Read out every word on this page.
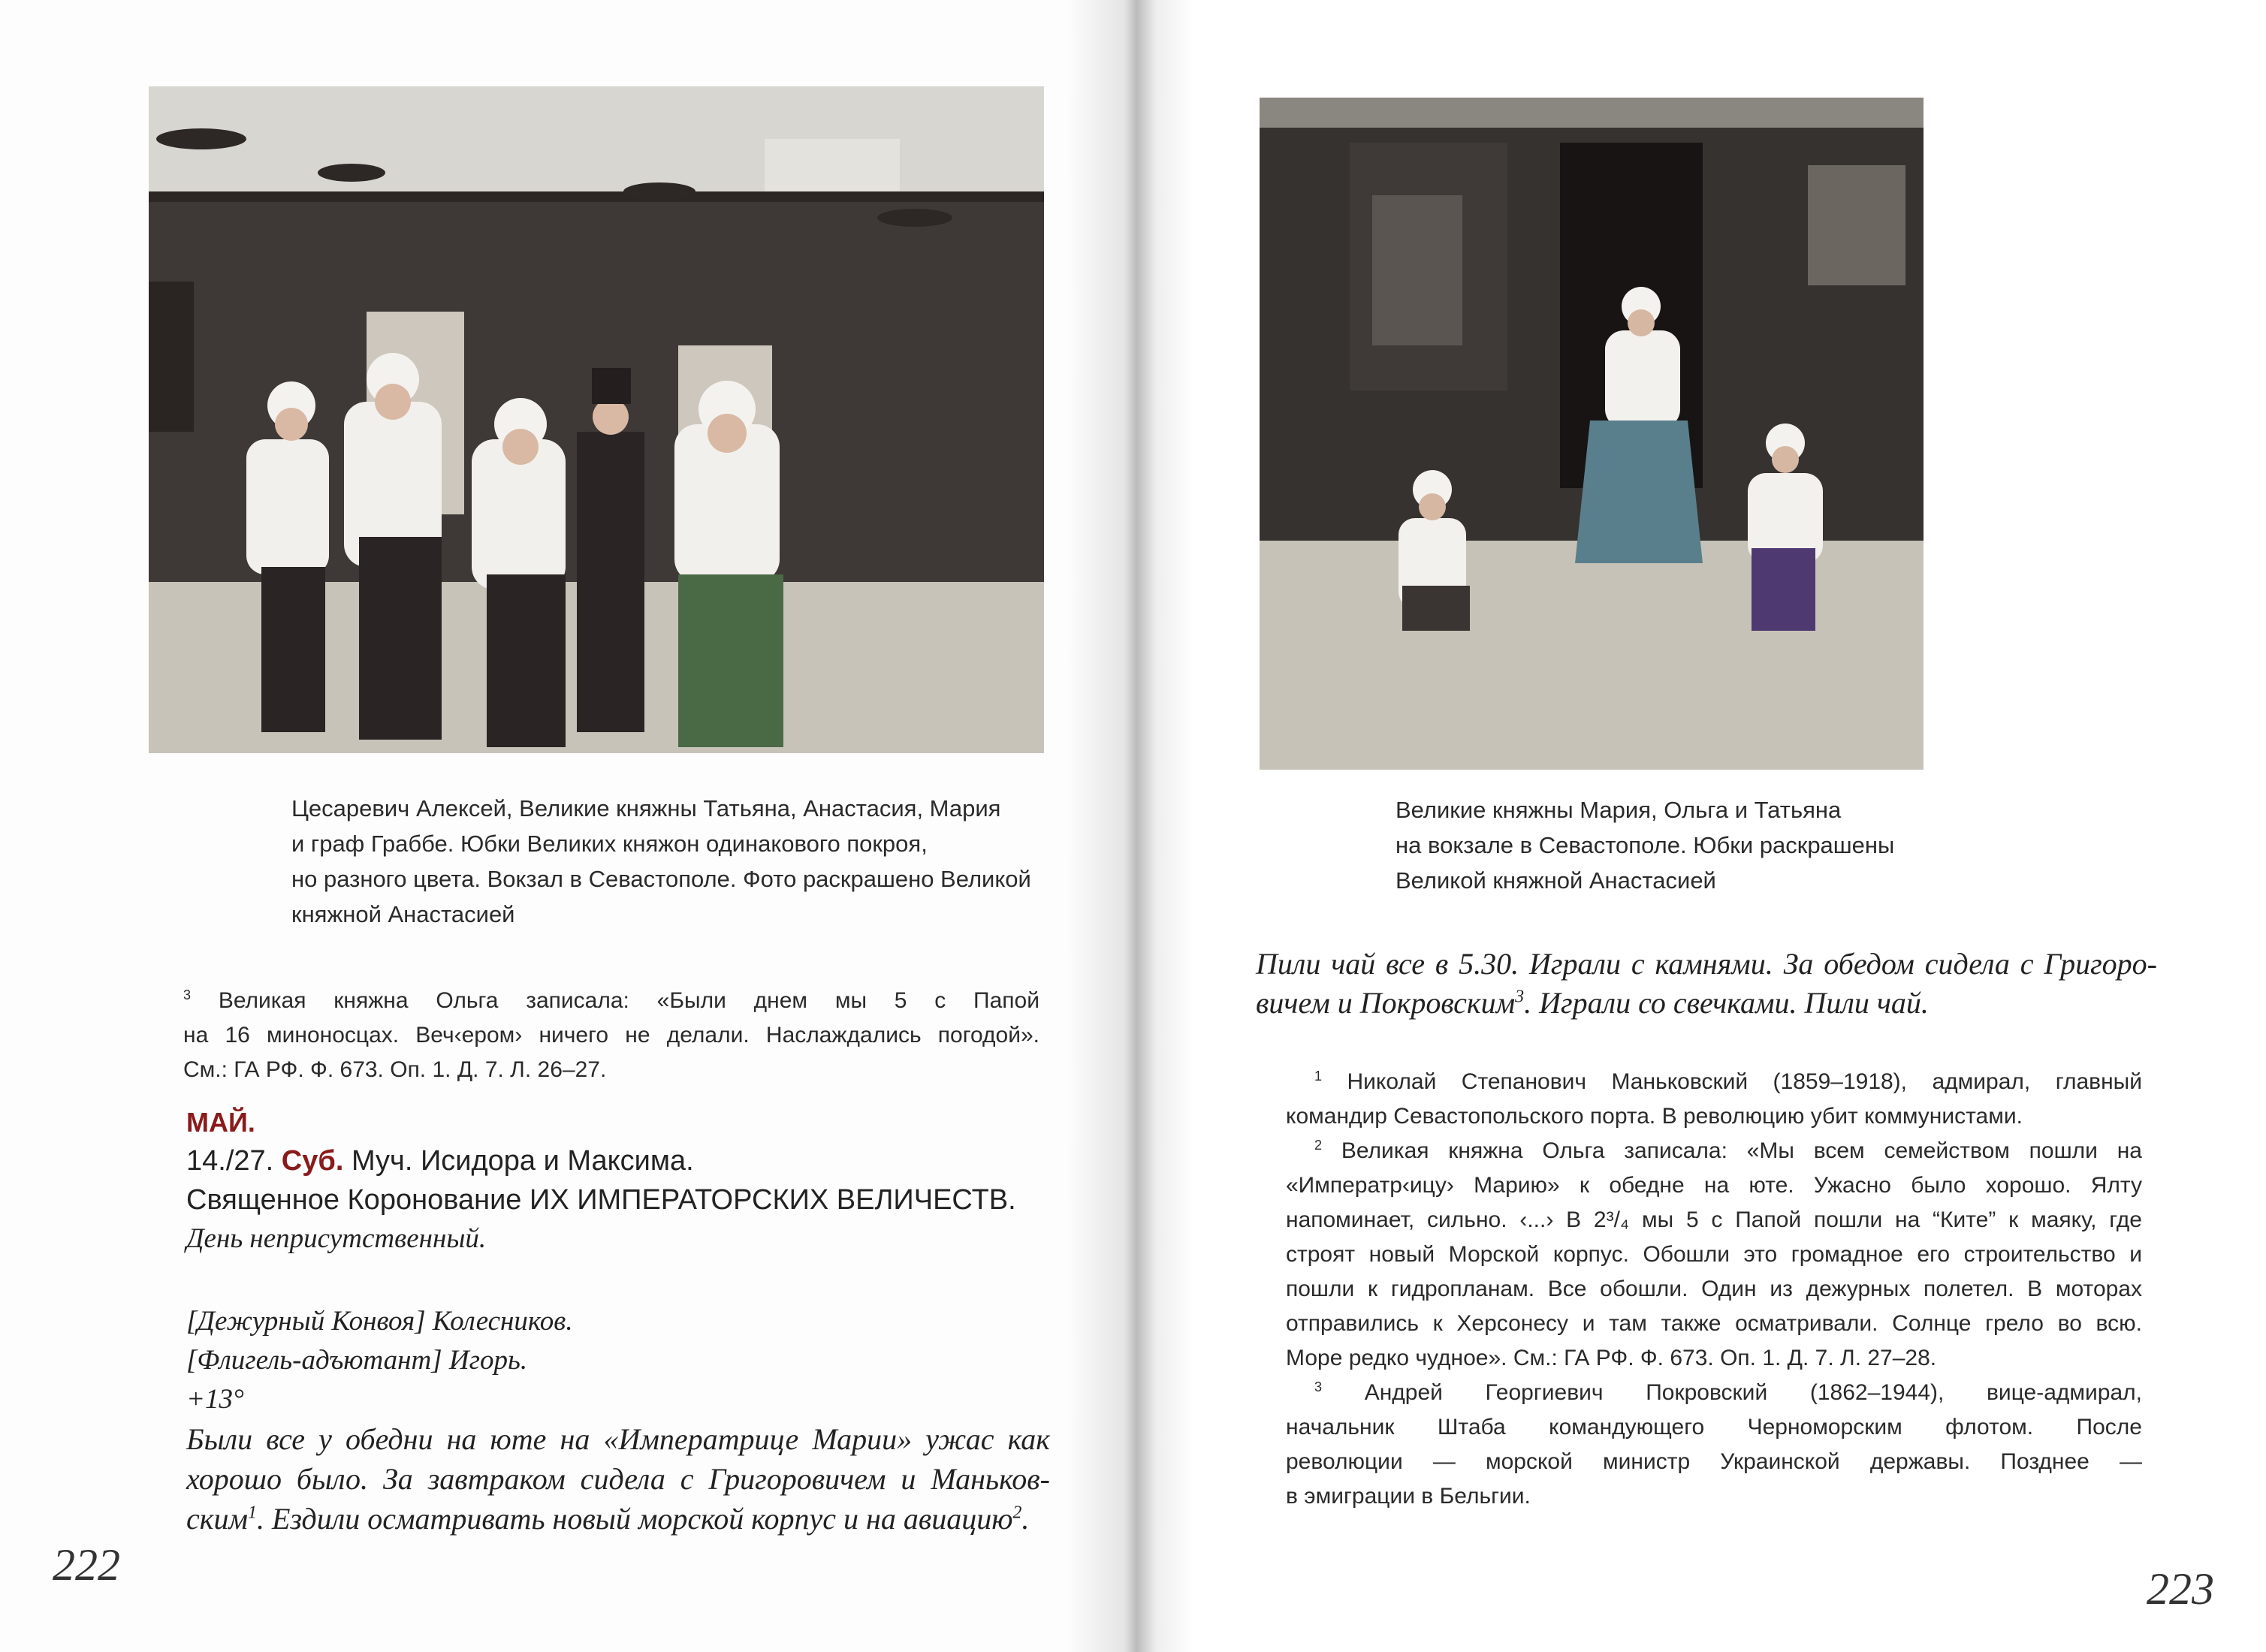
Цесаревич Алексей, Великие княжны Татьяна, Анастасия, Мария
и граф Граббе. Юбки Великих княжон одинакового покроя,
но разного цвета. Вокзал в Севастополе. Фото раскрашено Великой
княжной Анастасией
$^3$ Великая княжна Ольга записала: «Были днем мы 5 с Папой
на 16 миноносцах. Веч‹ером› ничего не делали. Наслаждались погодой».
См.: ГА РФ. Ф. 673. Оп. 1. Д. 7. Л. 26–27.
МАЙ.
14./27. Суб. Муч. Исидора и Максима.
Священное Коронование ИХ ИМПЕРАТОРСКИХ ВЕЛИЧЕСТВ.
День неприсутственный.
[Дежурный Конвоя] Колесников.
[Флигель-адъютант] Игорь.
+13°
Были все у обедни на юте на «Императрице Марии» ужас как
хорошо было. За завтраком сидела с Григоровичем и Маньков-
ским$^1$. Ездили осматривать новый морской корпус и на авиацию$^2$.
222
Великие княжны Мария, Ольга и Татьяна
на вокзале в Севастополе. Юбки раскрашены
Великой княжной Анастасией
Пили чай все в 5.30. Играли с камнями. За обедом сидела с Григоро-
вичем и Покровским$^3$. Играли со свечками. Пили чай.
$^1$ Николай Степанович Маньковский (1859–1918), адмирал, главный
командир Севастопольского порта. В революцию убит коммунистами.
$^2$ Великая княжна Ольга записала: «Мы всем семейством пошли на
«Императр‹ицу› Марию» к обедне на юте. Ужасно было хорошо. Ялту
напоминает, сильно. ‹...› В 2³/₄ мы 5 с Папой пошли на “Ките” к маяку, где
строят новый Морской корпус. Обошли это громадное его строительство и
пошли к гидропланам. Все обошли. Один из дежурных полетел. В моторах
отправились к Херсонесу и там также осматривали. Солнце грело во всю.
Море редко чудное». См.: ГА РФ. Ф. 673. Оп. 1. Д. 7. Л. 27–28.
$^3$ Андрей Георгиевич Покровский (1862–1944), вице-адмирал,
начальник Штаба командующего Черноморским флотом. После
революции — морской министр Украинской державы. Позднее —
в эмиграции в Бельгии.
223
